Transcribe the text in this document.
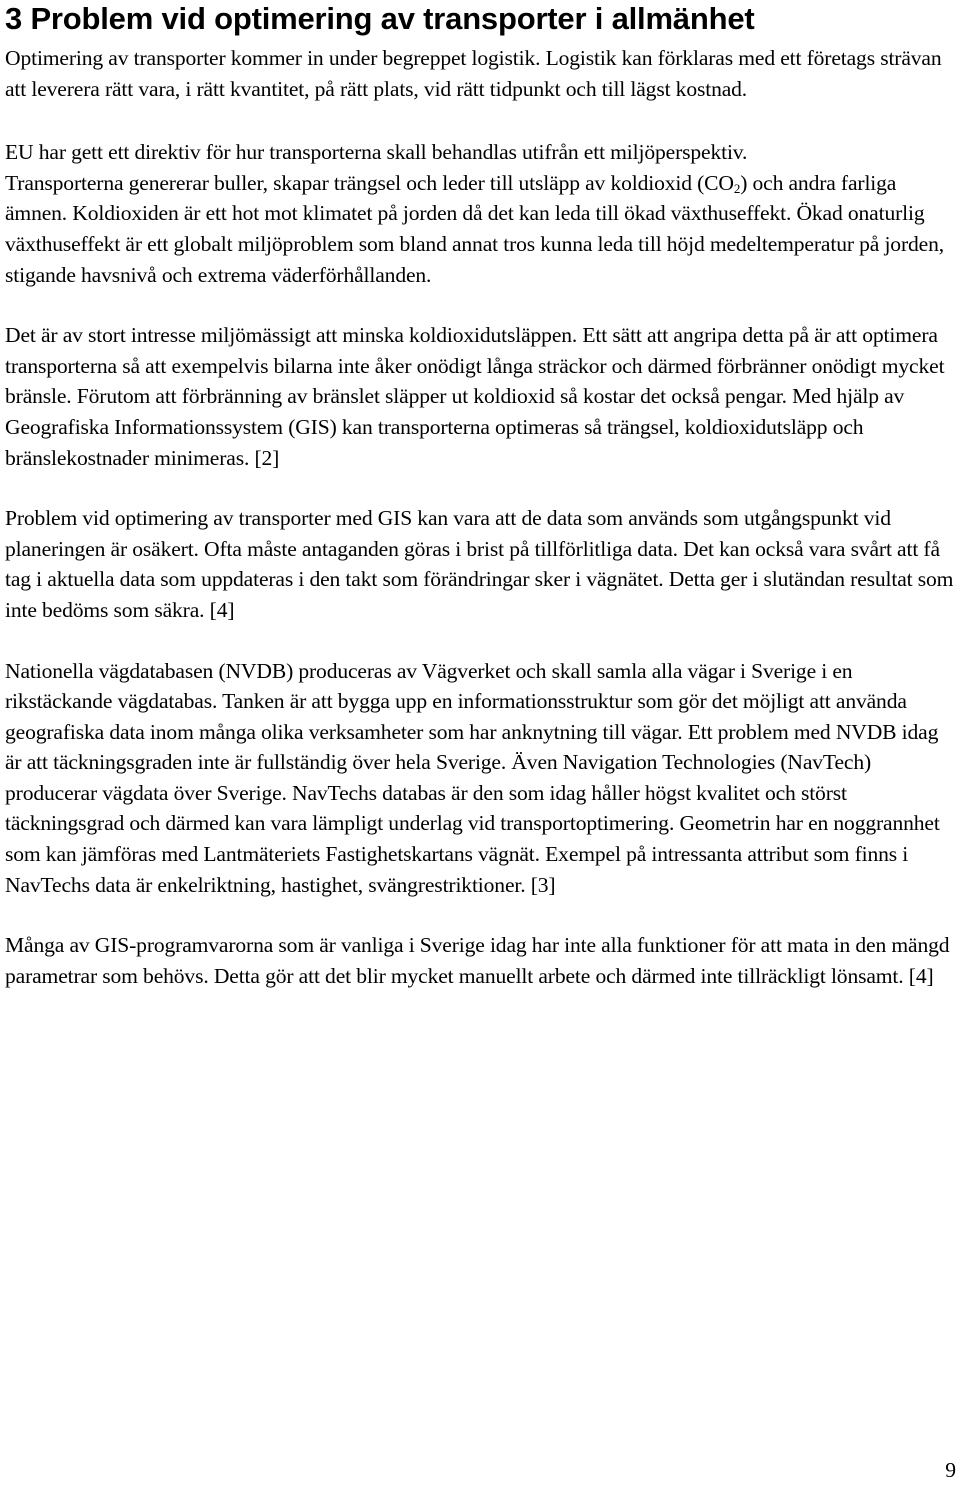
3 Problem vid optimering av transporter i allmänhet

Optimering av transporter kommer in under begreppet logistik. Logistik kan förklaras med ett företags strävan att leverera rätt vara, i rätt kvantitet, på rätt plats, vid rätt tidpunkt och till lägst kostnad.

EU har gett ett direktiv för hur transporterna skall behandlas utifrån ett miljöperspektiv.
Transporterna genererar buller, skapar trängsel och leder till utsläpp av koldioxid $(CO_2)$ och andra farliga ämnen. Koldioxiden är ett hot mot klimatet på jorden då det kan leda till ökad växthuseffekt. Ökad onaturlig växthuseffekt är ett globalt miljöproblem som bland annat tros kunna leda till höjd medeltemperatur på jorden, stigande havsnivå och extrema väderförhållanden.

Det är av stort intresse miljömässigt att minska koldioxidutsläppen. Ett sätt att angripa detta på är att optimera transporterna så att exempelvis bilarna inte åker onödigt långa sträckor och därmed förbränner onödigt mycket bränsle. Förutom att förbränning av bränslet släpper ut koldioxid så kostar det också pengar. Med hjälp av Geografiska Informationssystem (GIS) kan transporterna optimeras så trängsel, koldioxidutsläpp och bränslekostnader minimeras. [2]

Problem vid optimering av transporter med GIS kan vara att de data som används som utgångspunkt vid planeringen är osäkert. Ofta måste antaganden göras i brist på tillförlitliga data. Det kan också vara svårt att få tag i aktuella data som uppdateras i den takt som förändringar sker i vägnätet. Detta ger i slutändan resultat som inte bedöms som säkra. [4]

Nationella vägdatabasen (NVDB) produceras av Vägverket och skall samla alla vägar i Sverige i en rikstäckande vägdatabas. Tanken är att bygga upp en informationsstruktur som gör det möjligt att använda geografiska data inom många olika verksamheter som har anknytning till vägar. Ett problem med NVDB idag är att täckningsgraden inte är fullständig över hela Sverige. Även Navigation Technologies (NavTech) producerar vägdata över Sverige. NavTechs databas är den som idag håller högst kvalitet och störst täckningsgrad och därmed kan vara lämpligt underlag vid transportoptimering. Geometrin har en noggrannhet som kan jämföras med Lantmäteriets Fastighetskartans vägnät. Exempel på intressanta attribut som finns i NavTechs data är enkelriktning, hastighet, svängrestriktioner. [3]

Många av GIS-programvarorna som är vanliga i Sverige idag har inte alla funktioner för att mata in den mängd parametrar som behövs. Detta gör att det blir mycket manuellt arbete och därmed inte tillräckligt lönsamt. [4]

9
